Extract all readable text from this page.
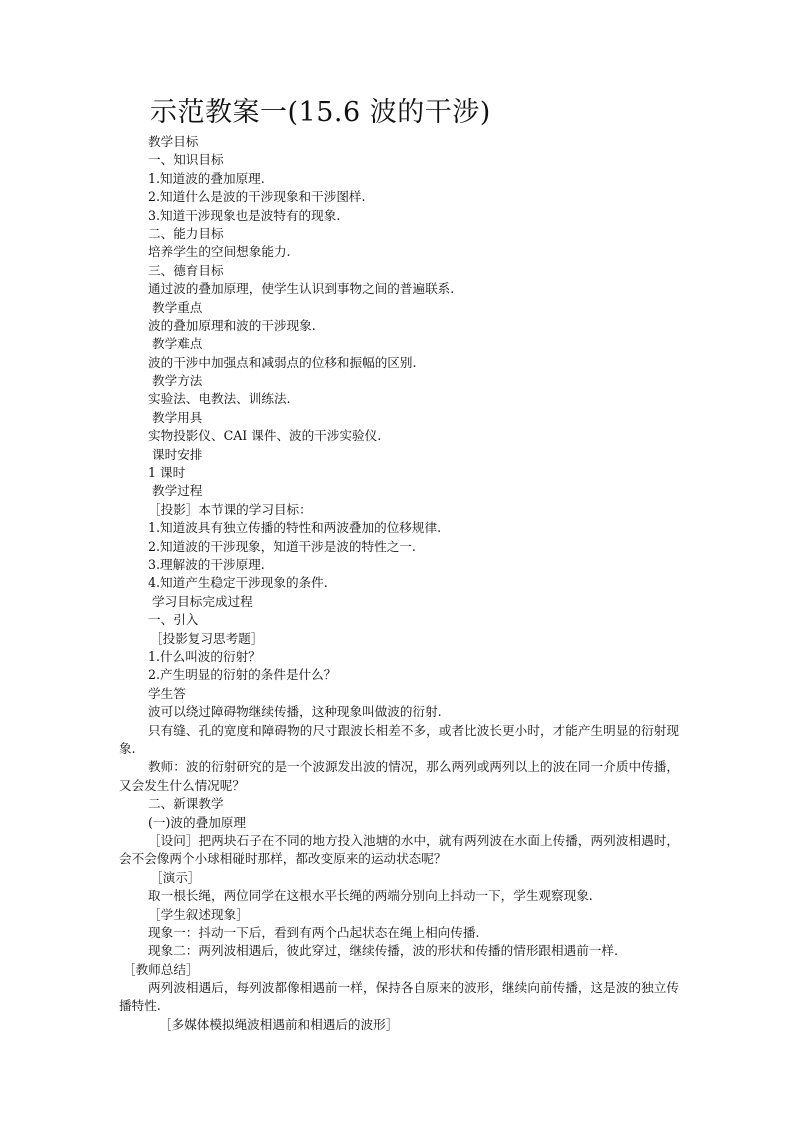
示范教案一(15.6 波的干涉)
教学目标
一、知识目标
1.知道波的叠加原理.
2.知道什么是波的干涉现象和干涉图样.
3.知道干涉现象也是波特有的现象.
二、能力目标
培养学生的空间想象能力.
三、德育目标
通过波的叠加原理，使学生认识到事物之间的普遍联系.
教学重点
波的叠加原理和波的干涉现象.
教学难点
波的干涉中加强点和减弱点的位移和振幅的区别.
教学方法
实验法、电教法、训练法.
教学用具
实物投影仪、CAI 课件、波的干涉实验仪.
课时安排
1 课时
教学过程
［投影］本节课的学习目标：
1.知道波具有独立传播的特性和两波叠加的位移规律.
2.知道波的干涉现象，知道干涉是波的特性之一.
3.理解波的干涉原理.
4.知道产生稳定干涉现象的条件.
学习目标完成过程
一、引入
［投影复习思考题］
1.什么叫波的衍射？
2.产生明显的衍射的条件是什么？
学生答
波可以绕过障碍物继续传播，这种现象叫做波的衍射.
只有缝、孔的宽度和障碍物的尺寸跟波长相差不多，或者比波长更小时，才能产生明显的衍射现象.
教师：波的衍射研究的是一个波源发出波的情况，那么两列或两列以上的波在同一介质中传播，又会发生什么情况呢？
二、新课教学
(一)波的叠加原理
［设问］把两块石子在不同的地方投入池塘的水中，就有两列波在水面上传播，两列波相遇时，会不会像两个小球相碰时那样，都改变原来的运动状态呢？
［演示］
取一根长绳，两位同学在这根水平长绳的两端分别向上抖动一下，学生观察现象.
［学生叙述现象］
现象一：抖动一下后，看到有两个凸起状态在绳上相向传播.
现象二：两列波相遇后，彼此穿过，继续传播，波的形状和传播的情形跟相遇前一样.
［教师总结］
两列波相遇后，每列波都像相遇前一样，保持各自原来的波形，继续向前传播，这是波的独立传播特性.
［多媒体模拟绳波相遇前和相遇后的波形］
